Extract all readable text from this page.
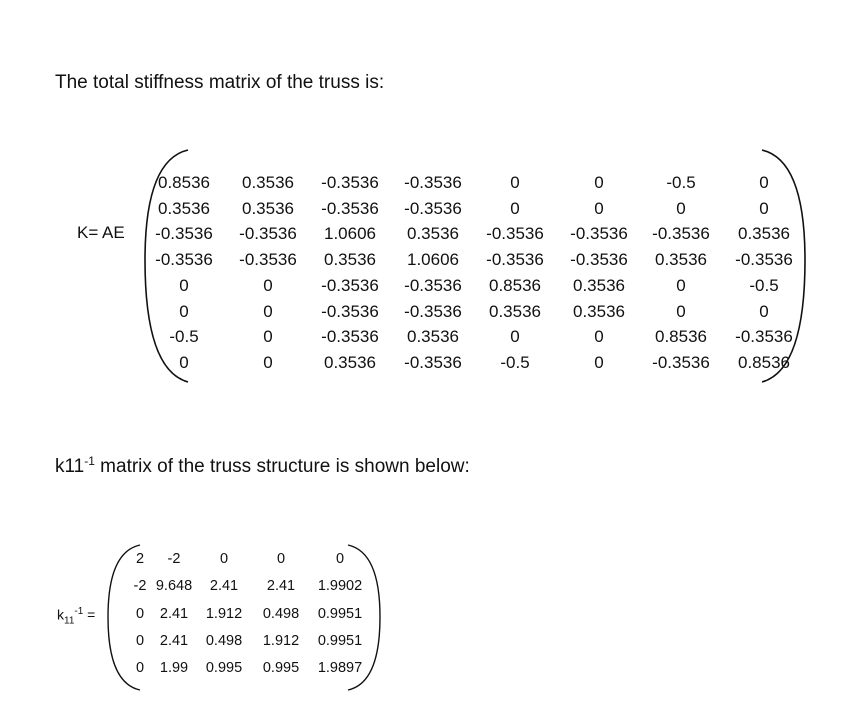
The total stiffness matrix of the truss is:
K= AE
0.8536 0.3536 -0.3536 -0.3536	0	0	-0.5	0
0.3536 0.3536 -0.3536 -0.3536	0	0	0	0
-0.3536 -0.3536 1.0606 0.3536 -0.3536 -0.3536 -0.3536 0.3536
-0.3536 -0.3536 0.3536 1.0606 -0.3536 -0.3536 0.3536 -0.3536
0	0	-0.3536 -0.3536 0.8536 0.3536	0	-0.5
0	0	-0.3536 -0.3536 0.3536 0.3536	0	0
-0.5	0	-0.3536 0.3536	0	0	0.8536 -0.3536
0	0	0.3536 -0.3536 -0.5	0	-0.3536 0.8536
$k11^{-1}$ matrix of the truss structure is shown below:
$k_{11}^{-1}$ =
2 -2	0	0	0
-2 9.648 2.41 2.41 1.9902
0 2.41 1.912 0.498 0.9951
0 2.41 0.498 1.912 0.9951
0 1.99 0.995 0.995 1.9897
